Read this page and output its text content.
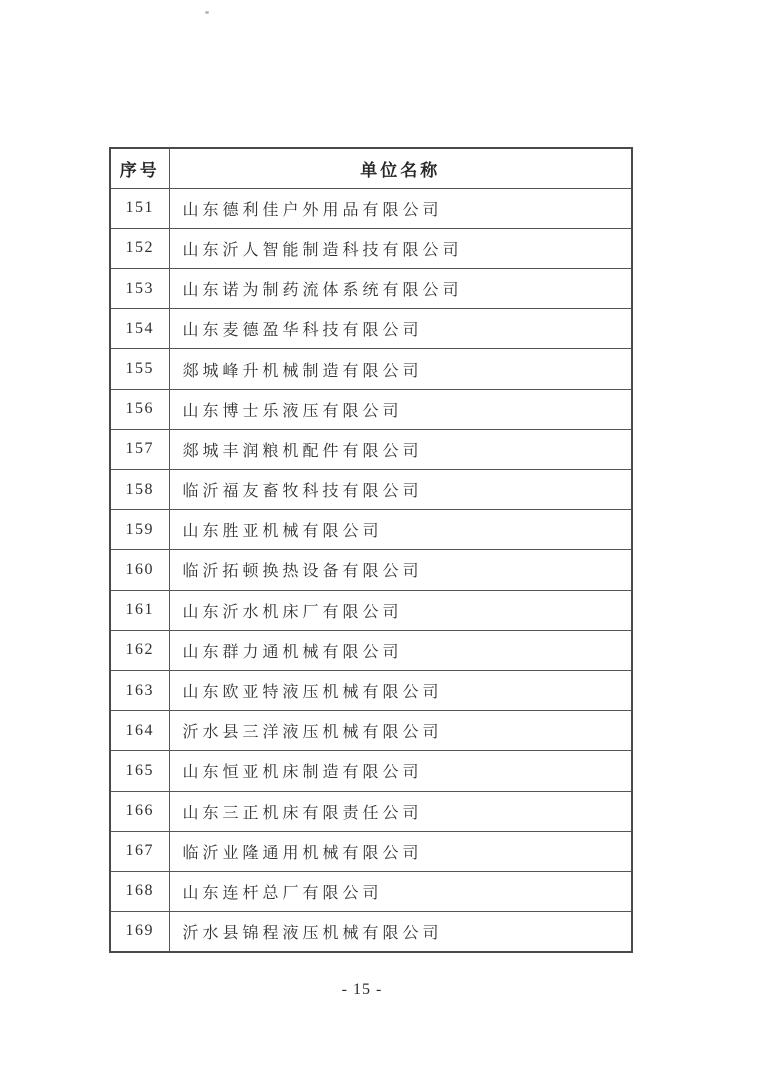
序号	单位名称
151	山东德利佳户外用品有限公司
152	山东沂人智能制造科技有限公司
153	山东诺为制药流体系统有限公司
154	山东麦德盈华科技有限公司
155	郯城峰升机械制造有限公司
156	山东博士乐液压有限公司
157	郯城丰润粮机配件有限公司
158	临沂福友畜牧科技有限公司
159	山东胜亚机械有限公司
160	临沂拓顿换热设备有限公司
161	山东沂水机床厂有限公司
162	山东群力通机械有限公司
163	山东欧亚特液压机械有限公司
164	沂水县三洋液压机械有限公司
165	山东恒亚机床制造有限公司
166	山东三正机床有限责任公司
167	临沂业隆通用机械有限公司
168	山东连杆总厂有限公司
169	沂水县锦程液压机械有限公司
- 15 -
